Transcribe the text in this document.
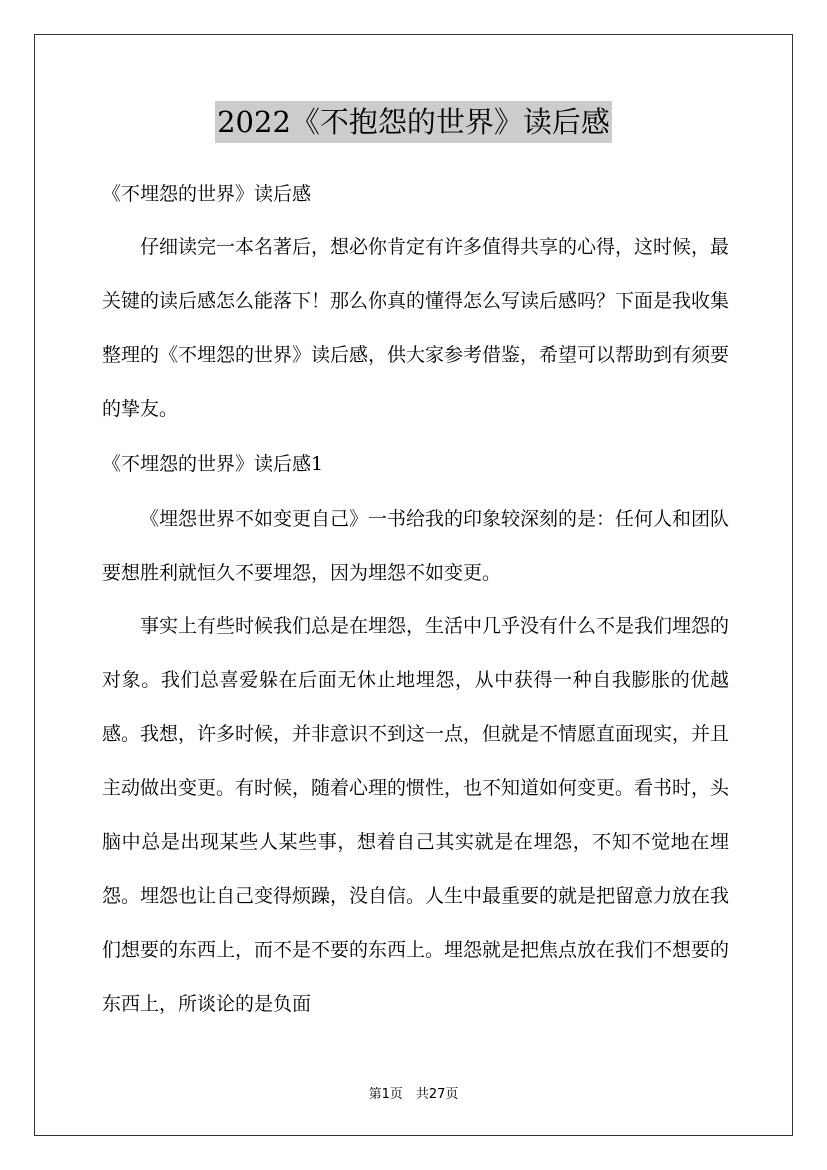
2022《不抱怨的世界》读后感
《不埋怨的世界》读后感
仔细读完一本名著后，想必你肯定有许多值得共享的心得，这时候，最关键的读后感怎么能落下！那么你真的懂得怎么写读后感吗？下面是我收集整理的《不埋怨的世界》读后感，供大家参考借鉴，希望可以帮助到有须要的挚友。
《不埋怨的世界》读后感1
《埋怨世界不如变更自己》一书给我的印象较深刻的是：任何人和团队要想胜利就恒久不要埋怨，因为埋怨不如变更。
事实上有些时候我们总是在埋怨，生活中几乎没有什么不是我们埋怨的对象。我们总喜爱躲在后面无休止地埋怨，从中获得一种自我膨胀的优越感。我想，许多时候，并非意识不到这一点，但就是不情愿直面现实，并且主动做出变更。有时候，随着心理的惯性，也不知道如何变更。看书时，头脑中总是出现某些人某些事，想着自己其实就是在埋怨，不知不觉地在埋怨。埋怨也让自己变得烦躁，没自信。人生中最重要的就是把留意力放在我们想要的东西上，而不是不要的东西上。埋怨就是把焦点放在我们不想要的东西上，所谈论的是负面
第1页　共27页
